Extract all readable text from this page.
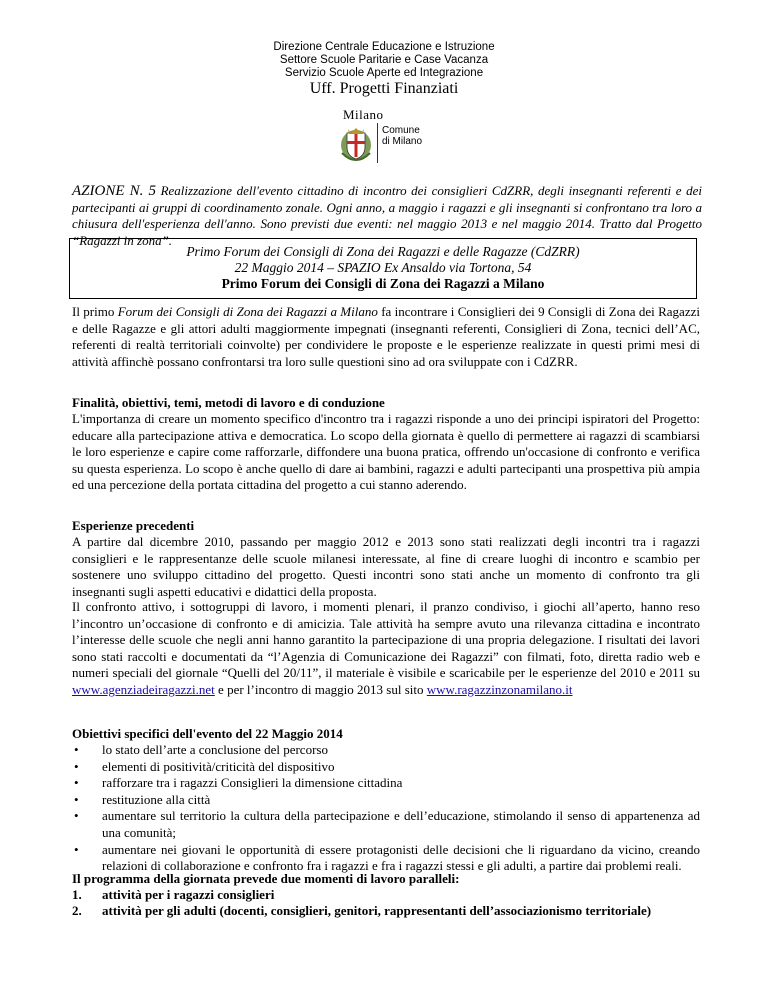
Direzione Centrale Educazione e Istruzione
Settore Scuole Paritarie e Case Vacanza
Servizio Scuole Aperte ed Integrazione
Uff. Progetti Finanziati
Milano
Comune
di Milano
AZIONE N. 5 Realizzazione dell'evento cittadino di incontro dei consiglieri CdZRR, degli insegnanti referenti e dei partecipanti ai gruppi di coordinamento zonale. Ogni anno, a maggio i ragazzi e gli insegnanti si confrontano tra loro a chiusura dell'esperienza dell'anno. Sono previsti due eventi: nel maggio 2013 e nel maggio 2014. Tratto dal Progetto “Ragazzi in zona”.
Primo Forum dei Consigli di Zona dei Ragazzi e delle Ragazze (CdZRR)
22 Maggio 2014 – SPAZIO Ex Ansaldo via Tortona, 54
Primo Forum dei Consigli di Zona dei Ragazzi a Milano
Il primo Forum dei Consigli di Zona dei Ragazzi a Milano fa incontrare i Consiglieri dei 9 Consigli di Zona dei Ragazzi e delle Ragazze e gli attori adulti maggiormente impegnati (insegnanti referenti, Consiglieri di Zona, tecnici dell’AC, referenti di realtà territoriali coinvolte) per condividere le proposte e le esperienze realizzate in questi primi mesi di attività affinchè possano confrontarsi tra loro sulle questioni sino ad ora sviluppate con i CdZRR.
Finalità, obiettivi, temi, metodi di lavoro e di conduzione
L'importanza di creare un momento specifico d'incontro tra i ragazzi risponde a uno dei principi ispiratori del Progetto: educare alla partecipazione attiva e democratica. Lo scopo della giornata è quello di permettere ai ragazzi di scambiarsi le loro esperienze e capire come rafforzarle, diffondere una buona pratica, offrendo un'occasione di confronto e verifica su questa esperienza. Lo scopo è anche quello di dare ai bambini, ragazzi e adulti partecipanti una prospettiva più ampia ed una percezione della portata cittadina del progetto a cui stanno aderendo.
Esperienze precedenti
A partire dal dicembre 2010, passando per maggio 2012 e 2013 sono stati realizzati degli incontri tra i ragazzi consiglieri e le rappresentanze delle scuole milanesi interessate, al fine di creare luoghi di incontro e scambio per sostenere uno sviluppo cittadino del progetto. Questi incontri sono stati anche un momento di confronto tra gli insegnanti sugli aspetti educativi e didattici della proposta.
Il confronto attivo, i sottogruppi di lavoro, i momenti plenari, il pranzo condiviso, i giochi all’aperto, hanno reso l’incontro un’occasione di confronto e di amicizia. Tale attività ha sempre avuto una rilevanza cittadina e incontrato l’interesse delle scuole che negli anni hanno garantito la partecipazione di una propria delegazione. I risultati dei lavori sono stati raccolti e documentati da “l’Agenzia di Comunicazione dei Ragazzi” con filmati, foto, diretta radio web e numeri speciali del giornale “Quelli del 20/11”, il materiale è visibile e scaricabile per le esperienze del 2010 e 2011 su www.agenziadeiragazzi.net e per l’incontro di maggio 2013 sul sito www.ragazzinzonamilano.it
Obiettivi specifici dell'evento del 22 Maggio 2014
• lo stato dell’arte a conclusione del percorso
• elementi di positività/criticità del dispositivo
• rafforzare tra i ragazzi Consiglieri la dimensione cittadina
• restituzione alla città
• aumentare sul territorio la cultura della partecipazione e dell’educazione, stimolando il senso di appartenenza ad una comunità;
• aumentare nei giovani le opportunità di essere protagonisti delle decisioni che li riguardano da vicino, creando relazioni di collaborazione e confronto fra i ragazzi e fra i ragazzi stessi e gli adulti, a partire dai problemi reali.
Il programma della giornata prevede due momenti di lavoro paralleli:
1. attività per i ragazzi consiglieri
2. attività per gli adulti (docenti, consiglieri, genitori, rappresentanti dell’associazionismo territoriale)
